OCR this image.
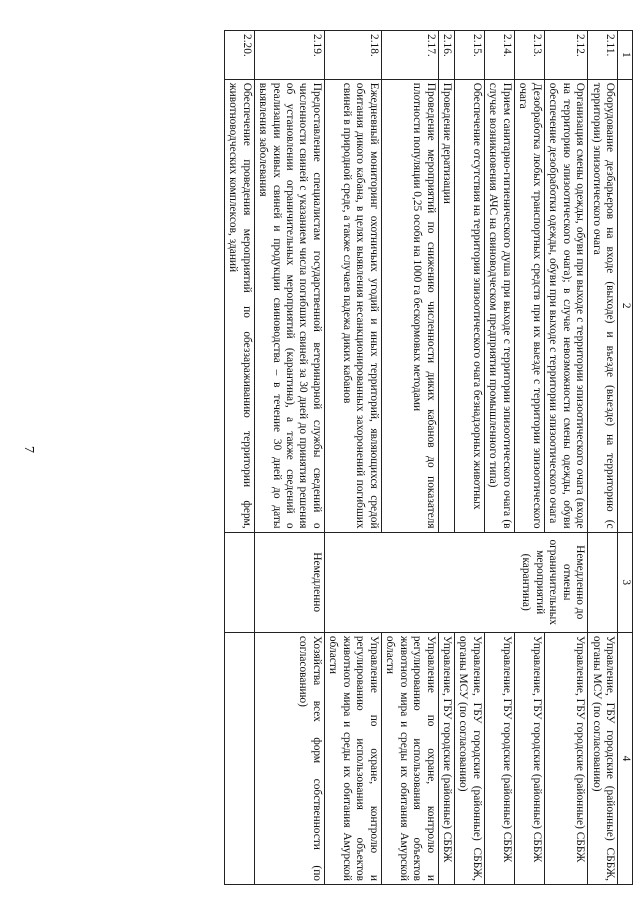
7
1	2	3	4
2.11.	Оборудование дезбарьеров на входе (выходе) и въезде (выезде) на территорию (с территории) эпизоотического очага		Управление, ГБУ городские (районные) СББЖ, органы МСУ (по согласованию)
2.12.	Организация смены одежды, обуви при выходе с территории эпизоотического очага (входе на территорию эпизоотического очага); в случае невозможности смены одежды, обуви обеспечение дезобработки одежды, обуви при выходе с территории эпизоотического очага	Немедленно до отмены ограничительных мероприятий (карантина)	Управление, ГБУ городские (районные) СББЖ
2.13.	Дезобработка любых транспортных средств при их выезде с территории эпизоотического очага		Управление, ГБУ городские (районные) СББЖ
2.14.	Прием санитарно-гигиенического душа при выходе с территории эпизоотического очага (в случае возникновения АЧС на свиноводческом предприятии промышленного типа)		Управление, ГБУ городские (районные) СББЖ
2.15.	Обеспечение отсутствия на территории эпизоотического очага безнадзорных животных		Управление, ГБУ городские (районные) СББЖ, органы МСУ (по согласованию)
2.16.	Проведение дератизации		Управление, ГБУ городские (районные) СББЖ
2.17.	Проведение мероприятий по снижению численности диких кабанов до показателя плотности популяции 0,25 особи на 1000 га бескормовых методами		Управление по охране, контролю и регулированию использования объектов животного мира и среды их обитания Амурской области
2.18.	Ежедневный мониторинг охотничьих угодий и иных территорий, являющихся средой обитания дикого кабана, в целях выявления несанкционированных захоронений погибших свиней в природной среде, а также случаев падежа диких кабанов		Управление по охране, контролю и регулированию использования объектов животного мира и среды их обитания Амурской области
2.19.	Предоставление специалистам государственной ветеринарной службы сведений о численности свиней с указанием числа погибших свиней за 30 дней до принятия решения об установлении ограничительных мероприятий (карантина), а также сведений о реализации живых свиней и продукции свиноводства – в течение 30 дней до даты выявления заболевания	Немедленно	Хозяйства всех форм собственности (по согласованию)
2.20.	Обеспечение проведения мероприятий по обеззараживанию территории ферм, животноводческих комплексов, зданий		
